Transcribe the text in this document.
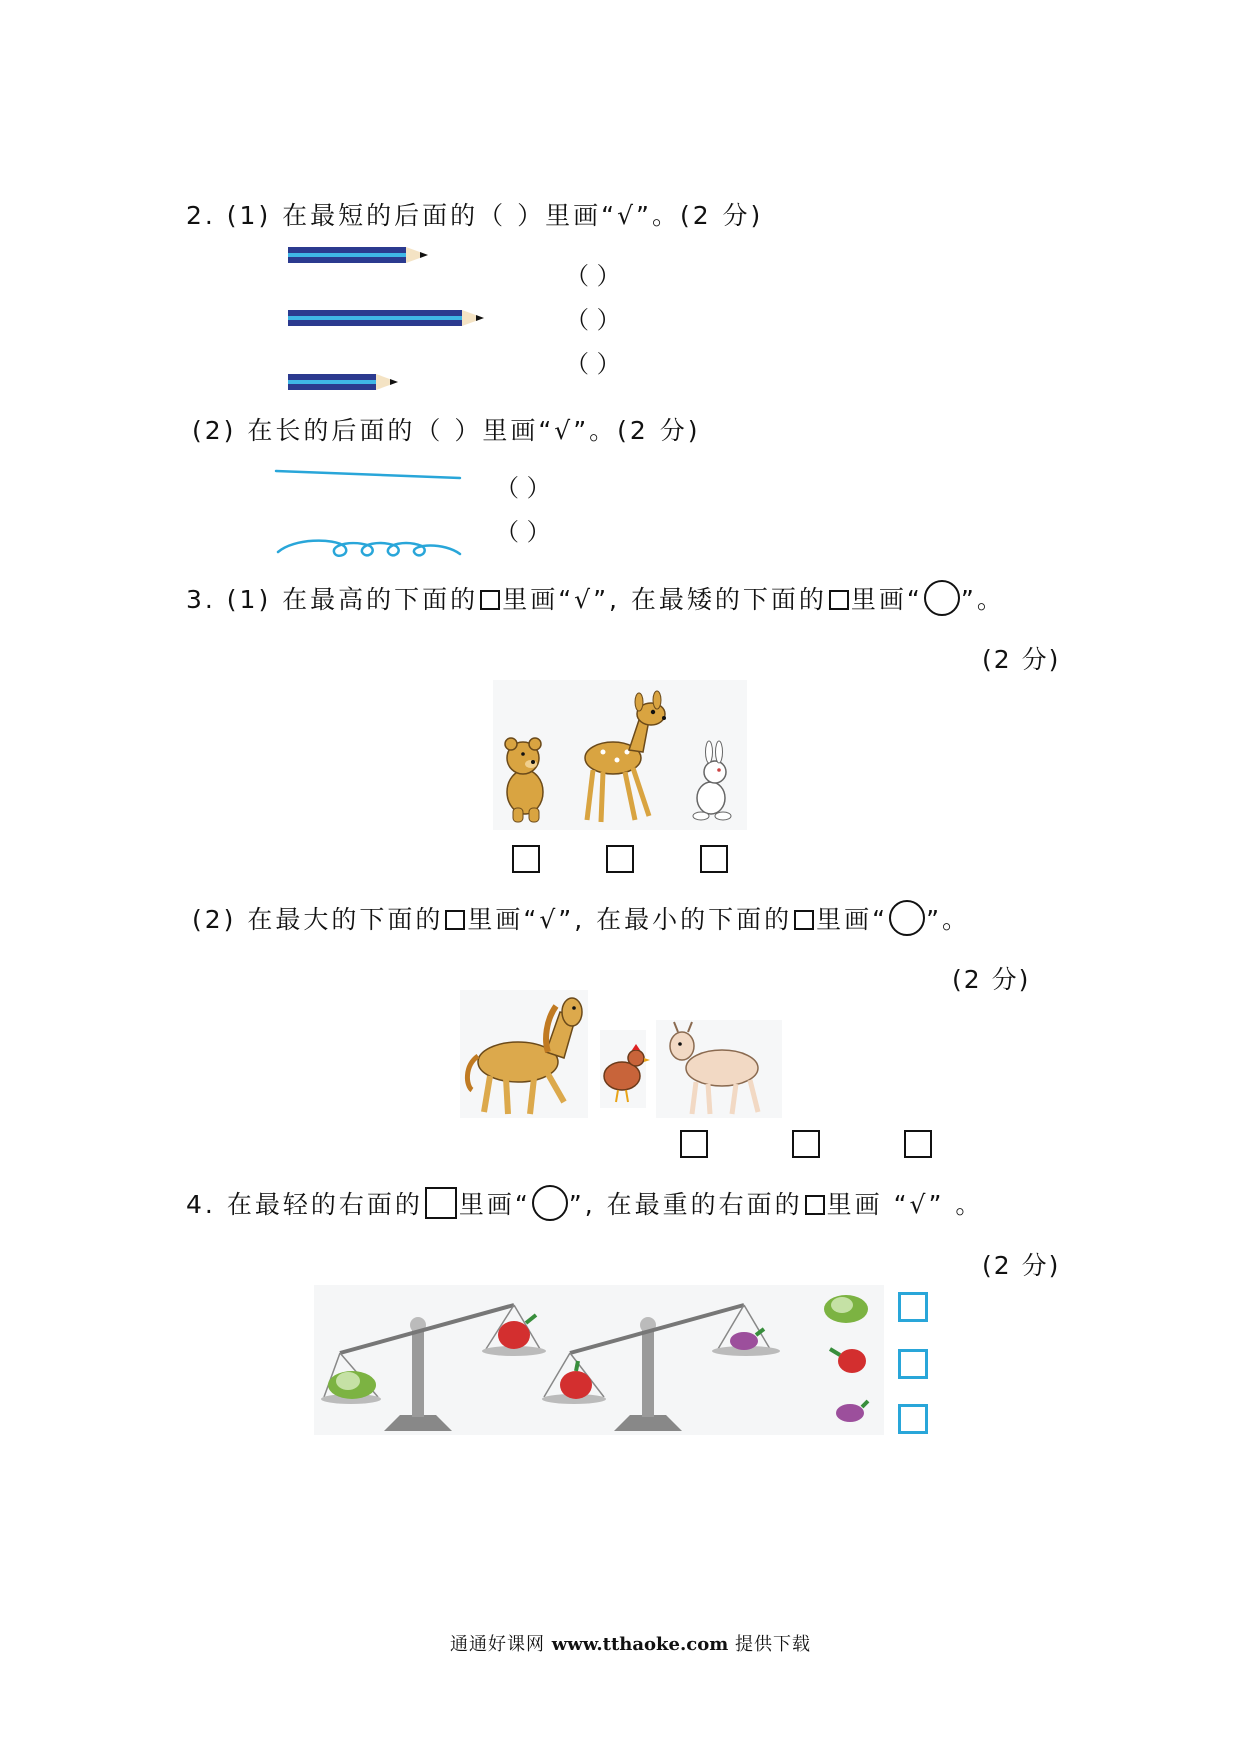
2. (1) 在最短的后面的（ ）里画“√”。(2 分)
（ ）
（ ）
（ ）
(2) 在长的后面的（ ）里画“√”。(2 分)
（ ）
（ ）
3. (1) 在最高的下面的 里画“√”, 在最矮的下面的 里画“ ”。
(2 分)
(2) 在最大的下面的 里画“√”, 在最小的下面的 里画“ ”。
(2 分)
4. 在最轻的右面的 里画“ ”, 在最重的右面的 里画 “√” 。
(2 分)
通通好课网 www.tthaoke.com 提供下载
